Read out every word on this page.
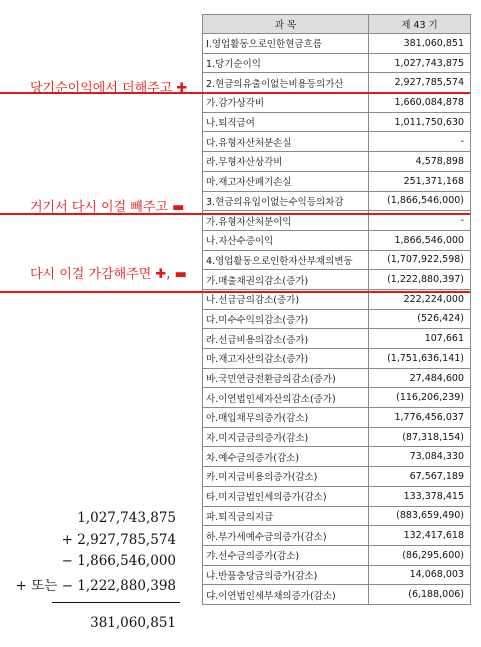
과 목	제 43 기
Ⅰ.영업활동으로인한현금흐름	381,060,851
1.당기순이익	1,027,743,875
2.현금의유출이없는비용등의가산	2,927,785,574
가.감가상각비	1,660,084,878
나.퇴직급여	1,011,750,630
다.유형자산처분손실	-
라.무형자산상각비	4,578,898
마.재고자산폐기손실	251,371,168
3.현금의유입이없는수익등의차감	(1,866,546,000)
가.유형자산처분이익	-
나.자산수증이익	1,866,546,000
4.영업활동으로인한자산부채의변동	(1,707,922,598)
가.매출채권의감소(증가)	(1,222,880,397)
나.선급금의감소(증가)	222,224,000
다.미수수익의감소(증가)	(526,424)
라.선급비용의감소(증가)	107,661
마.재고자산의감소(증가)	(1,751,636,141)
바.국민연금전환금의감소(증가)	27,484,600
사.이연법인세자산의감소(증가)	(116,206,239)
아.매입채무의증가(감소)	1,776,456,037
자.미지급금의증가(감소)	(87,318,154)
차.예수금의증가(감소)	73,084,330
카.미지급비용의증가(감소)	67,567,189
타.미지급법인세의증가(감소)	133,378,415
파.퇴직금의지급	(883,659,490)
하.부가세예수금의증가(감소)	132,417,618
갸.선수금의증가(감소)	(86,295,600)
냐.반품충당금의증가(감소)	14,068,003
댜.이연법인세부채의증가(감소)	(6,188,006)
당기순이익에서 더해주고 ✚
거기서 다시 이걸 빼주고 ▬
다시 이걸 가감해주면 ✚, ▬
1,027,743,875
+ 2,927,785,574
− 1,866,546,000
+ 또는 − 1,222,880,398
381,060,851
